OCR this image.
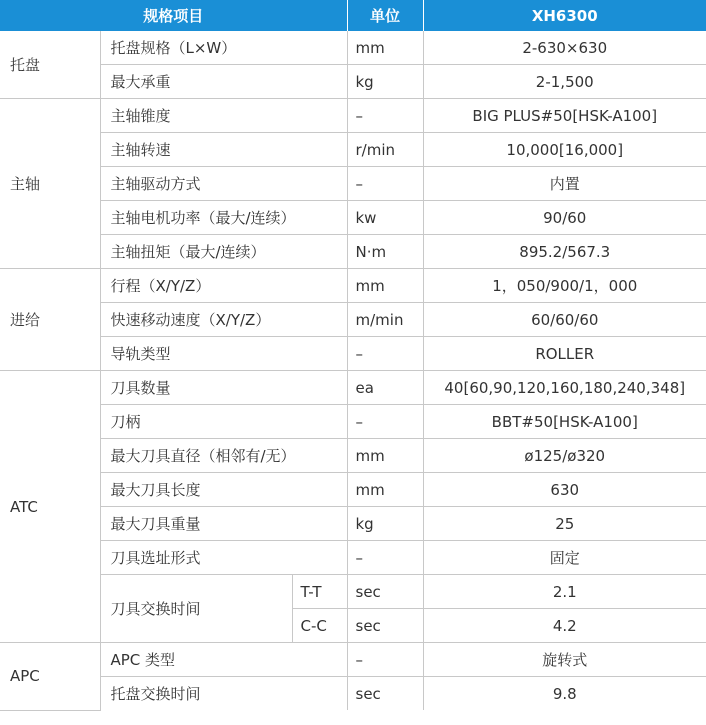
规格项目			单位	XH6300
托盘	托盘规格（L×W）		mm	2-630×630
	最大承重		kg	2-1,500
主轴	主轴锥度		–	BIG PLUS#50[HSK-A100]
	主轴转速		r/min	10,000[16,000]
	主轴驱动方式		–	内置
	主轴电机功率（最大/连续）		kw	90/60
	主轴扭矩（最大/连续）		N·m	895.2/567.3
进给	行程（X/Y/Z）		mm	1，050/900/1，000
	快速移动速度（X/Y/Z）		m/min	60/60/60
	导轨类型		–	ROLLER
ATC	刀具数量		ea	40[60,90,120,160,180,240,348]
	刀柄		–	BBT#50[HSK-A100]
	最大刀具直径（相邻有/无）		mm	ø125/ø320
	最大刀具长度		mm	630
	最大刀具重量		kg	25
	刀具选址形式		–	固定
	刀具交换时间	T-T	sec	2.1
		C-C	sec	4.2
APC	APC 类型		–	旋转式
	托盘交换时间		sec	9.8
